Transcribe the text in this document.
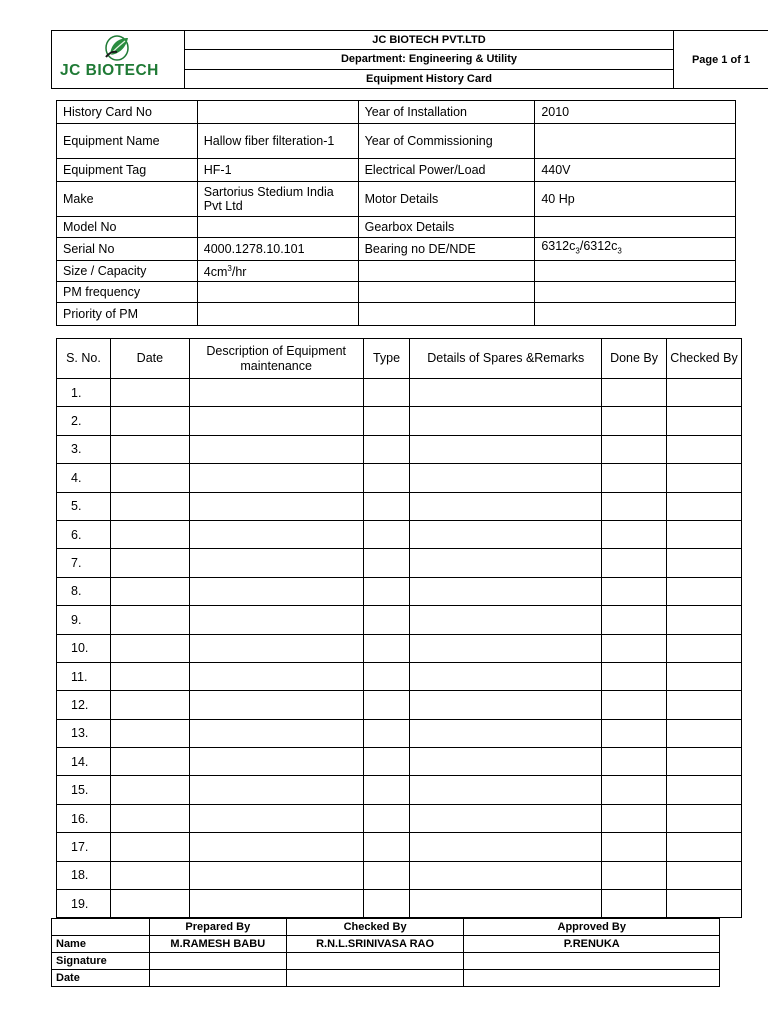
JC BIOTECH
	JC BIOTECH PVT.LTD	Page 1 of 1
Department: Engineering & Utility
Equipment History Card
History Card No		Year of Installation	2010
Equipment Name	Hallow fiber filteration-1	Year of Commissioning	
Equipment Tag	HF-1	Electrical Power/Load	440V
Make	Sartorius Stedium India Pvt Ltd	Motor Details	40 Hp
Model No		Gearbox Details	
Serial No	4000.1278.10.101	Bearing no DE/NDE	$6312c_3/6312c_3$
Size / Capacity	$4cm^3/hr$		
PM frequency			
Priority of PM			
S. No.	Date	Description of Equipment maintenance	Type	Details of Spares &Remarks	Done By	Checked By
1.						
2.						
3.						
4.						
5.						
6.						
7.						
8.						
9.						
10.						
11.						
12.						
13.						
14.						
15.						
16.						
17.						
18.						
19.						
	Prepared By	Checked By	Approved By
Name	M.RAMESH BABU	R.N.L.SRINIVASA RAO	P.RENUKA
Signature			
Date			
